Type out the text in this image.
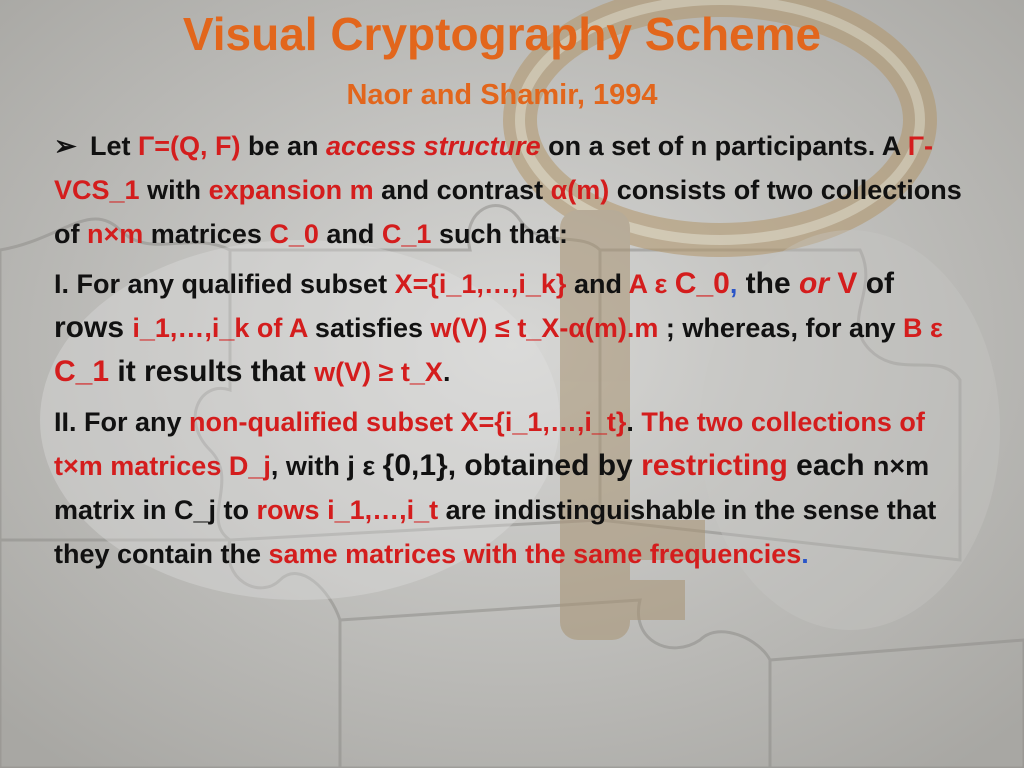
Visual Cryptography Scheme
Naor and Shamir, 1994

➢ Let Γ=(Q, F) be an access structure on a set of n participants. A Γ- VCS_1 with expansion m and contrast α(m) consists of two collections of n×m matrices C_0 and C_1 such that:

I. For any qualified subset X={i_1,…,i_k} and A ε C_0, the or V of rows i_1,…,i_k of A satisfies w(V) ≤ t_X-α(m).m ; whereas, for any B ε C_1 it results that w(V) ≥ t_X.

II. For any non-qualified subset X={i_1,…,i_t}. The two collections of t×m matrices D_j, with j ε {0,1}, obtained by restricting each n×m matrix in C_j to rows i_1,…,i_t are indistinguishable in the sense that they contain the same matrices with the same frequencies.
